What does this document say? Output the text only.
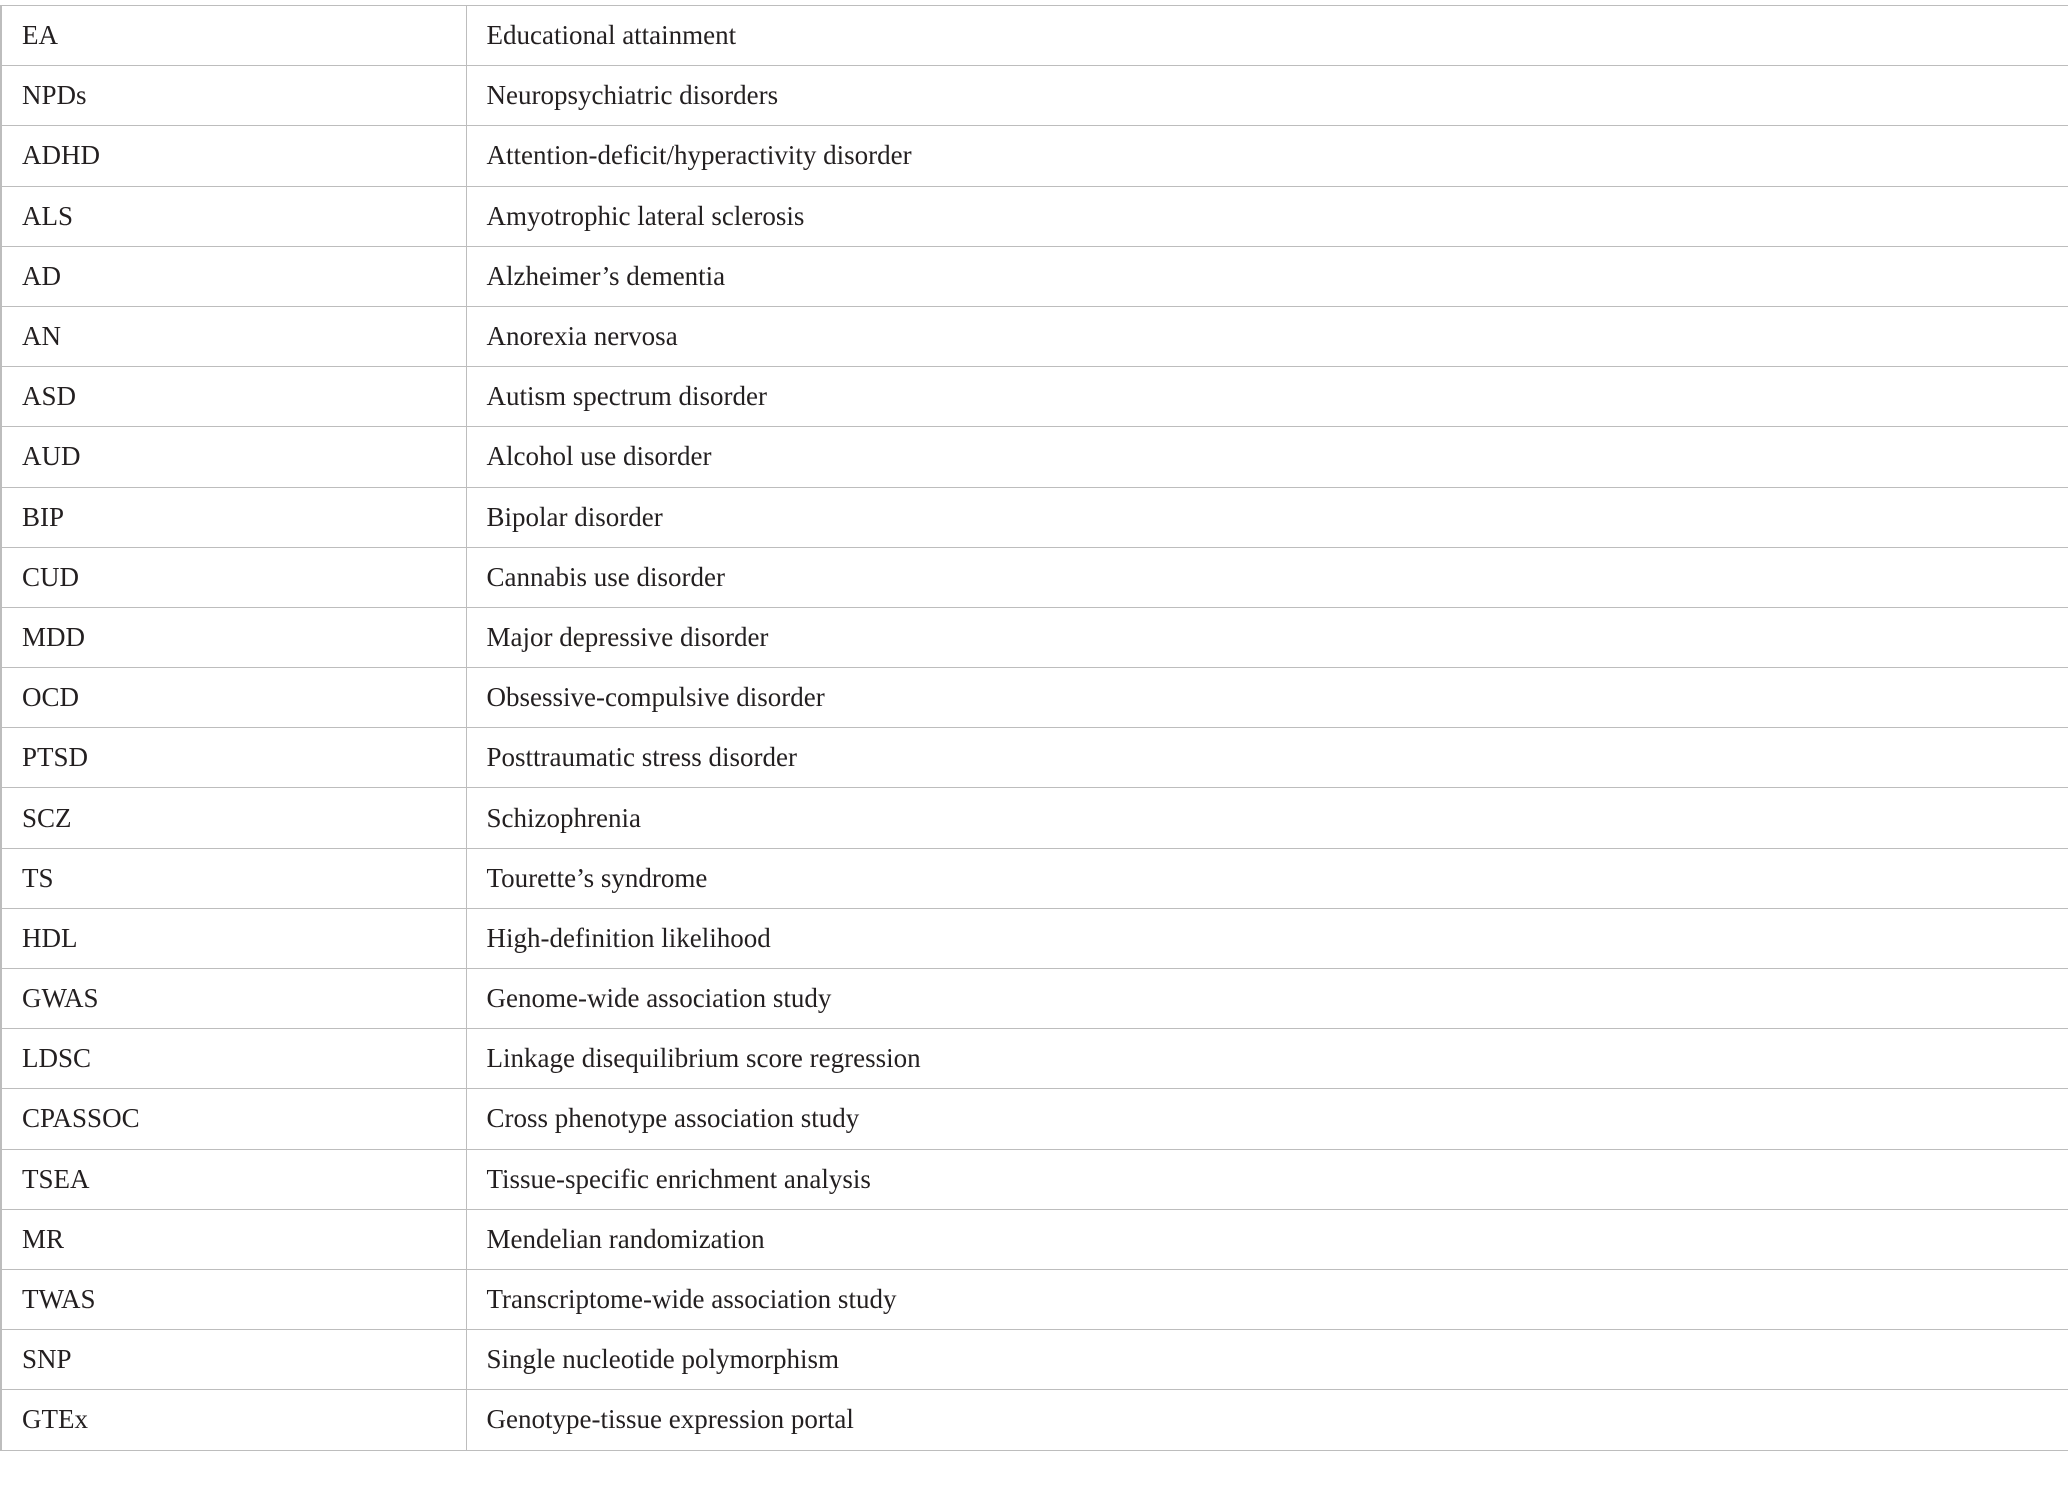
EA	Educational attainment
NPDs	Neuropsychiatric disorders
ADHD	Attention-deficit/hyperactivity disorder
ALS	Amyotrophic lateral sclerosis
AD	Alzheimer’s dementia
AN	Anorexia nervosa
ASD	Autism spectrum disorder
AUD	Alcohol use disorder
BIP	Bipolar disorder
CUD	Cannabis use disorder
MDD	Major depressive disorder
OCD	Obsessive-compulsive disorder
PTSD	Posttraumatic stress disorder
SCZ	Schizophrenia
TS	Tourette’s syndrome
HDL	High-definition likelihood
GWAS	Genome-wide association study
LDSC	Linkage disequilibrium score regression
CPASSOC	Cross phenotype association study
TSEA	Tissue-specific enrichment analysis
MR	Mendelian randomization
TWAS	Transcriptome-wide association study
SNP	Single nucleotide polymorphism
GTEx	Genotype-tissue expression portal
